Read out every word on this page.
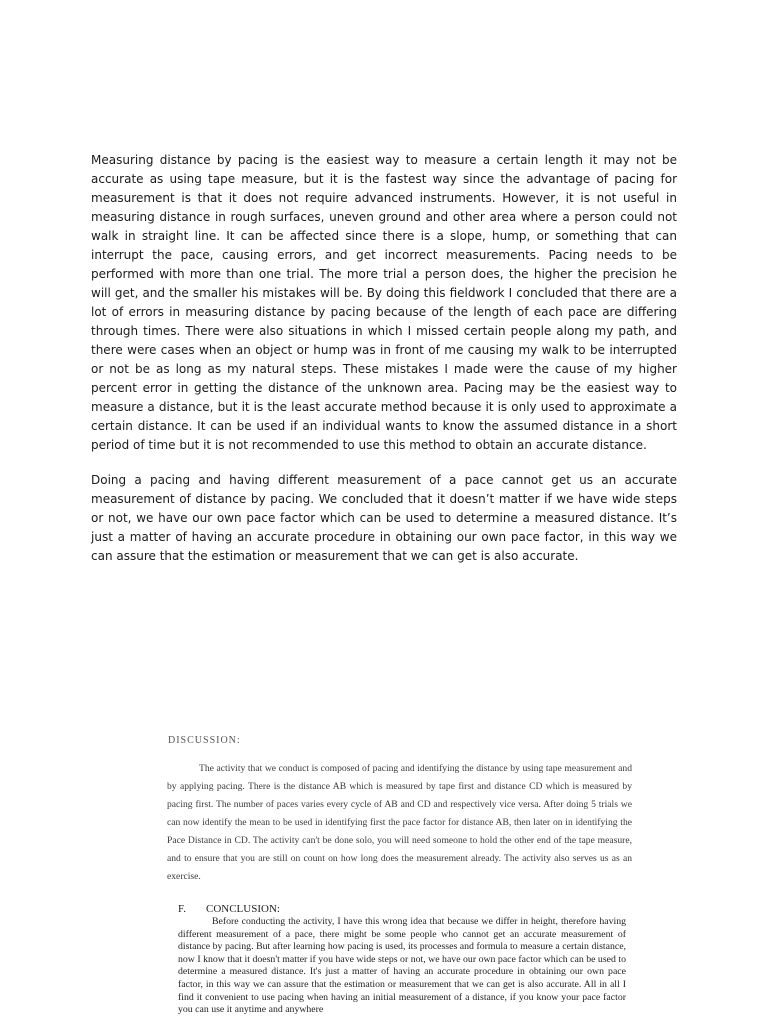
Measuring distance by pacing is the easiest way to measure a certain length it may not be accurate as using tape measure, but it is the fastest way since the advantage of pacing for measurement is that it does not require advanced instruments. However, it is not useful in measuring distance in rough surfaces, uneven ground and other area where a person could not walk in straight line. It can be affected since there is a slope, hump, or something that can interrupt the pace, causing errors, and get incorrect measurements. Pacing needs to be performed with more than one trial. The more trial a person does, the higher the precision he will get, and the smaller his mistakes will be. By doing this fieldwork I concluded that there are a lot of errors in measuring distance by pacing because of the length of each pace are differing through times. There were also situations in which I missed certain people along my path, and there were cases when an object or hump was in front of me causing my walk to be interrupted or not be as long as my natural steps. These mistakes I made were the cause of my higher percent error in getting the distance of the unknown area. Pacing may be the easiest way to measure a distance, but it is the least accurate method because it is only used to approximate a certain distance. It can be used if an individual wants to know the assumed distance in a short period of time but it is not recommended to use this method to obtain an accurate distance.

Doing a pacing and having different measurement of a pace cannot get us an accurate measurement of distance by pacing. We concluded that it doesn’t matter if we have wide steps or not, we have our own pace factor which can be used to determine a measured distance. It’s just a matter of having an accurate procedure in obtaining our own pace factor, in this way we can assure that the estimation or measurement that we can get is also accurate.

DISCUSSION:
The activity that we conduct is composed of pacing and identifying the distance by using tape measurement and by applying pacing. There is the distance AB which is measured by tape first and distance CD which is measured by pacing first. The number of paces varies every cycle of AB and CD and respectively vice versa. After doing 5 trials we can now identify the mean to be used in identifying first the pace factor for distance AB, then later on in identifying the Pace Distance in CD. The activity can't be done solo, you will need someone to hold the other end of the tape measure, and to ensure that you are still on count on how long does the measurement already. The activity also serves us as an exercise.
F. CONCLUSION:
Before conducting the activity, I have this wrong idea that because we differ in height, therefore having different measurement of a pace, there might be some people who cannot get an accurate measurement of distance by pacing. But after learning how pacing is used, its processes and formula to measure a certain distance, now I know that it doesn't matter if you have wide steps or not, we have our own pace factor which can be used to determine a measured distance. It's just a matter of having an accurate procedure in obtaining our own pace factor, in this way we can assure that the estimation or measurement that we can get is also accurate. All in all I find it convenient to use pacing when having an initial measurement of a distance, if you know your pace factor you can use it anytime and anywhere
